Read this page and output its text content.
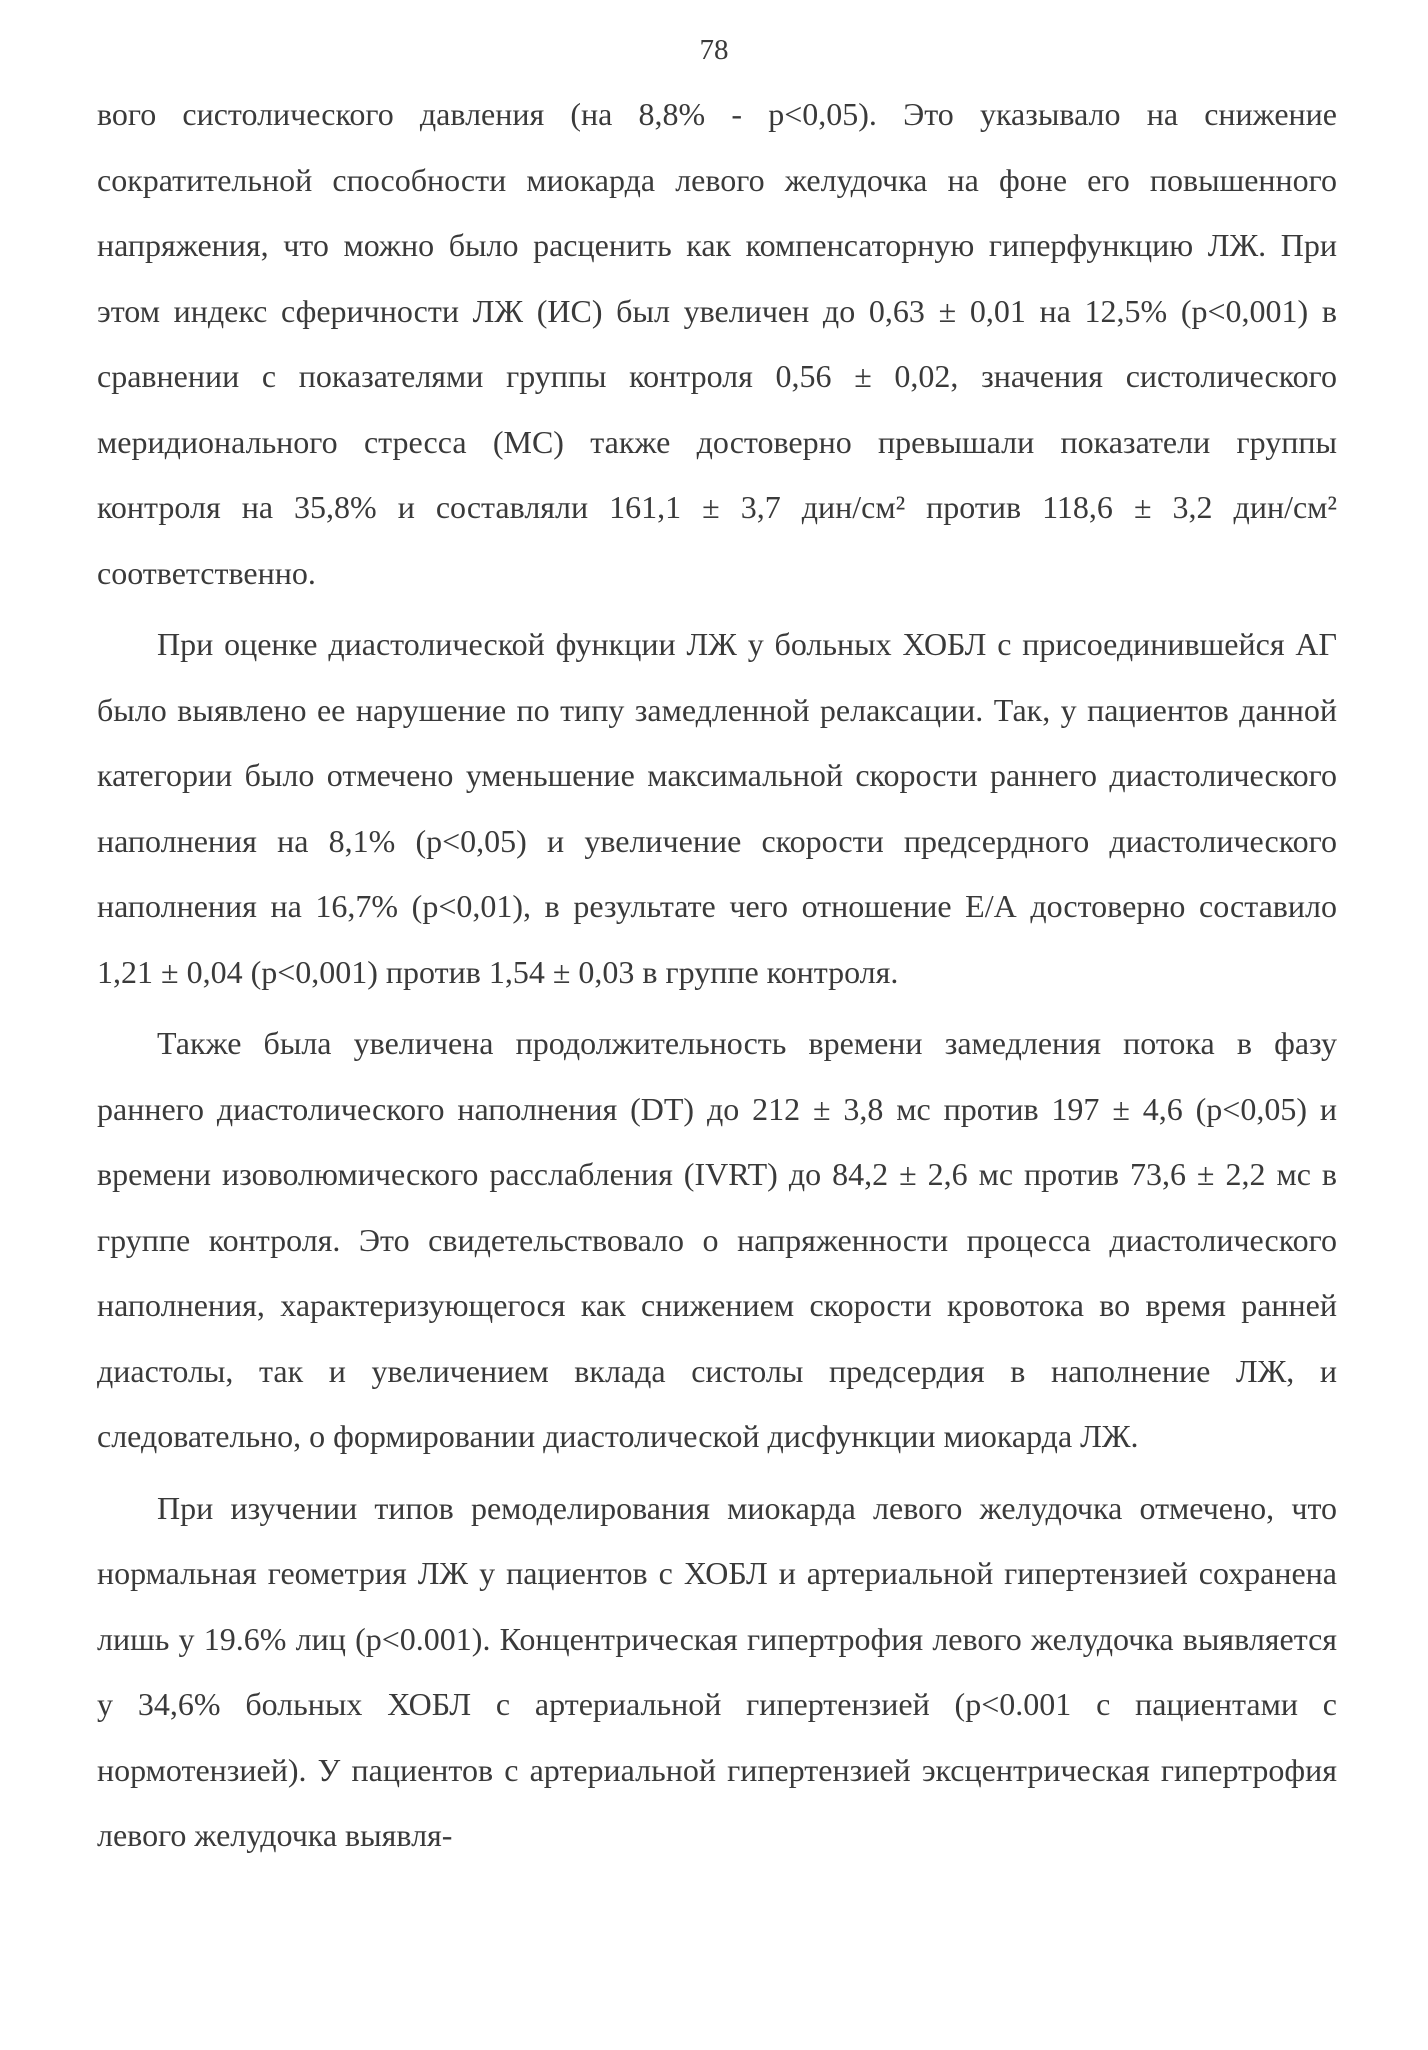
78

вого систолического давления (на 8,8% - р<0,05). Это указывало на снижение сократительной способности миокарда левого желудочка на фоне его повышенного напряжения, что можно было расценить как компенсаторную гиперфункцию ЛЖ. При этом индекс сферичности ЛЖ (ИС) был увеличен до 0,63 ± 0,01 на 12,5% (р<0,001) в сравнении с показателями группы контроля 0,56 ± 0,02, значения систолического меридионального стресса (МС) также достоверно превышали показатели группы контроля на 35,8% и составляли 161,1 ± 3,7 дин/см² против 118,6 ± 3,2 дин/см² соответственно.

При оценке диастолической функции ЛЖ у больных ХОБЛ с присоединившейся АГ было выявлено ее нарушение по типу замедленной релаксации. Так, у пациентов данной категории было отмечено уменьшение максимальной скорости раннего диастолического наполнения на 8,1% (р<0,05) и увеличение скорости предсердного диастолического наполнения на 16,7% (р<0,01), в результате чего отношение Е/А достоверно составило 1,21 ± 0,04 (р<0,001) против 1,54 ± 0,03 в группе контроля.

Также была увеличена продолжительность времени замедления потока в фазу раннего диастолического наполнения (DT) до 212 ± 3,8 мс против 197 ± 4,6 (р<0,05) и времени изоволюмического расслабления (IVRT) до 84,2 ± 2,6 мс против 73,6 ± 2,2 мс в группе контроля. Это свидетельствовало о напряженности процесса диастолического наполнения, характеризующегося как снижением скорости кровотока во время ранней диастолы, так и увеличением вклада систолы предсердия в наполнение ЛЖ, и следовательно, о формировании диастолической дисфункции миокарда ЛЖ.

При изучении типов ремоделирования миокарда левого желудочка отмечено, что нормальная геометрия ЛЖ у пациентов с ХОБЛ и артериальной гипертензией сохранена лишь у 19.6% лиц (р<0.001). Концентрическая гипертрофия левого желудочка выявляется у 34,6% больных ХОБЛ с артериальной гипертензией (р<0.001 с пациентами с нормотензией). У пациентов с артериальной гипертензией эксцентрическая гипертрофия левого желудочка выявля-
